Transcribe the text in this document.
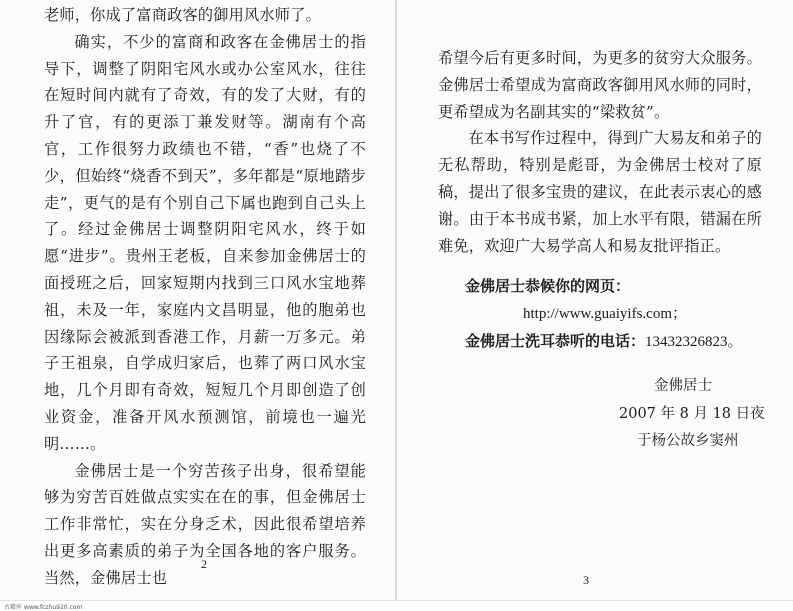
老师，你成了富商政客的御用风水师了。

确实，不少的富商和政客在金佛居士的指导下，调整了阴阳宅风水或办公室风水，往往在短时间内就有了奇效，有的发了大财，有的升了官，有的更添丁兼发财等。湖南有个高官，工作很努力政绩也不错，“香”也烧了不少，但始终“烧香不到天”，多年都是“原地踏步走”，更气的是有个别自己下属也跑到自己头上了。经过金佛居士调整阴阳宅风水，终于如愿“进步”。贵州王老板，自来参加金佛居士的面授班之后，回家短期内找到三口风水宝地葬祖，未及一年，家庭内文昌明显，他的胞弟也因缘际会被派到香港工作，月薪一万多元。弟子王祖泉，自学成归家后，也葬了两口风水宝地，几个月即有奇效，短短几个月即创造了创业资金，准备开风水预测馆，前境也一遍光明……。

金佛居士是一个穷苦孩子出身，很希望能够为穷苦百姓做点实实在在的事，但金佛居士工作非常忙，实在分身乏术，因此很希望培养出更多高素质的弟子为全国各地的客户服务。当然，金佛居士也

2

希望今后有更多时间，为更多的贫穷大众服务。金佛居士希望成为富商政客御用风水师的同时，更希望成为名副其实的“梁救贫”。

在本书写作过程中，得到广大易友和弟子的无私帮助，特别是彪哥，为金佛居士校对了原稿，提出了很多宝贵的建议，在此表示衷心的感谢。由于本书成书紧，加上水平有限，错漏在所难免，欢迎广大易学高人和易友批评指正。

金佛居士恭候你的网页：
http://www.guaiyifs.com；
金佛居士洗耳恭听的电话：13432326823。
金佛居士
2007 年 8 月 18 日夜
于杨公故乡窦州
3
古藉库 www.fczhu920.com
